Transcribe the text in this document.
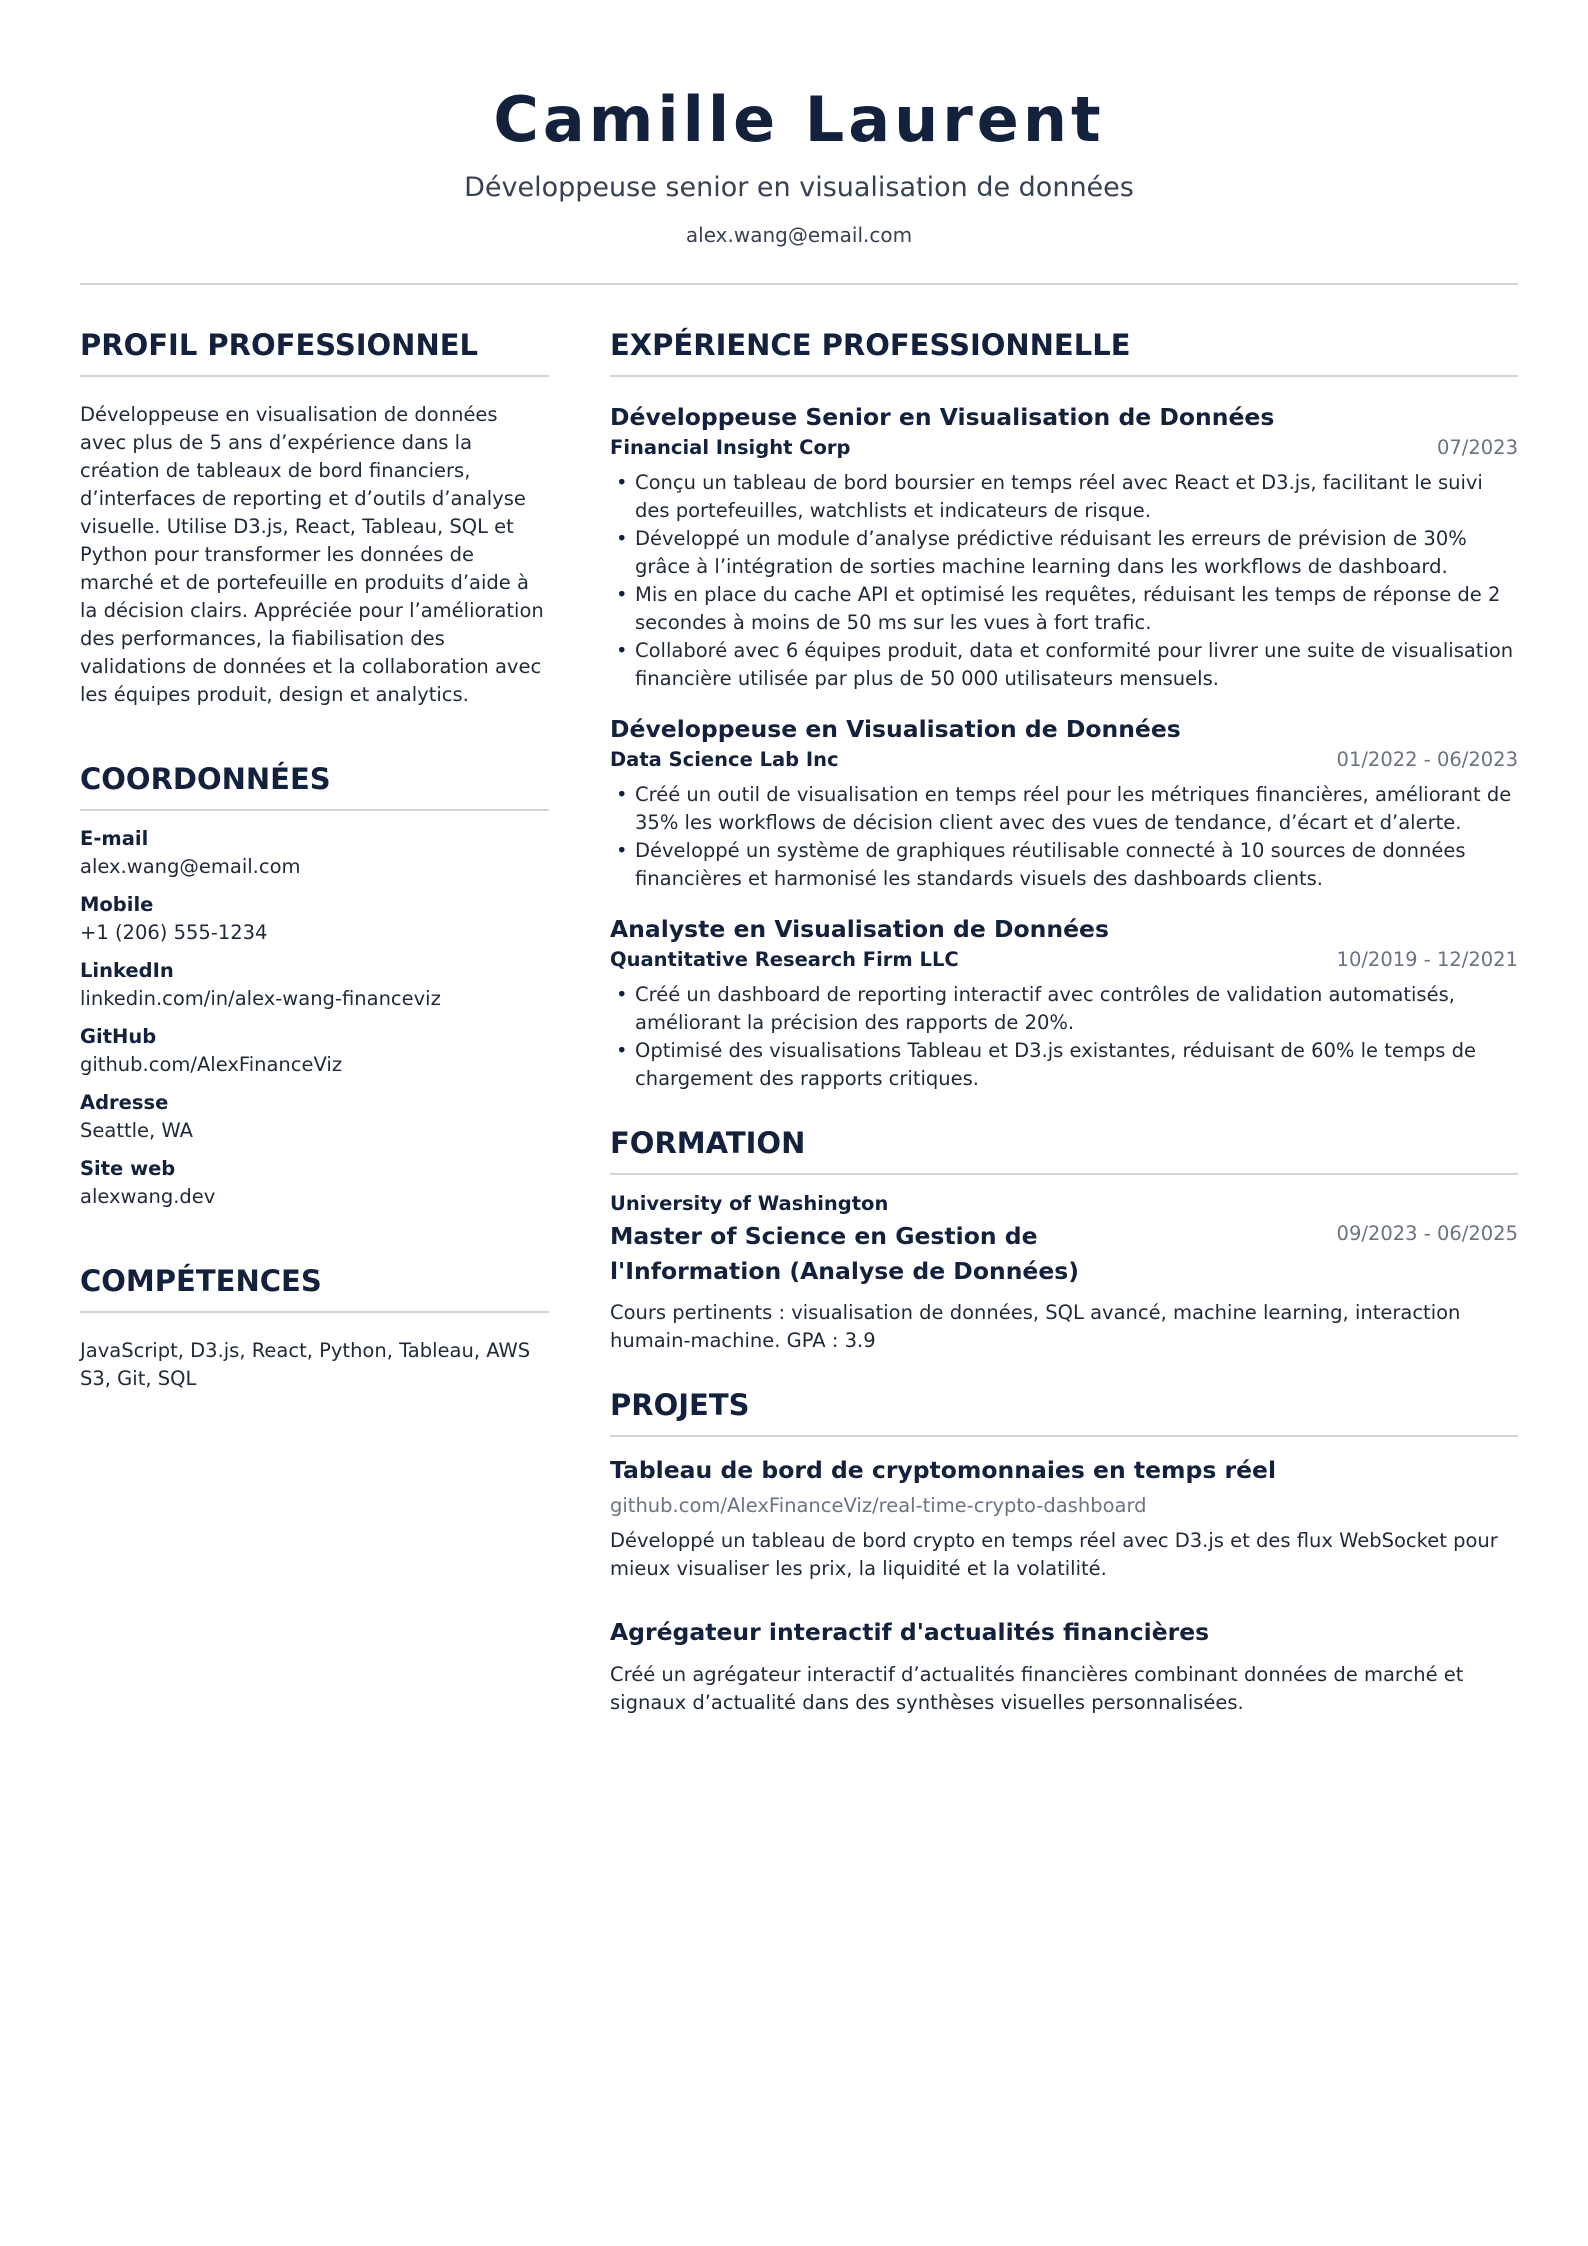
Camille Laurent
Développeuse senior en visualisation de données
alex.wang@email.com
PROFIL PROFESSIONNEL
Développeuse en visualisation de données avec plus de 5 ans d’expérience dans la création de tableaux de bord financiers, d’interfaces de reporting et d’outils d’analyse visuelle. Utilise D3.js, React, Tableau, SQL et Python pour transformer les données de marché et de portefeuille en produits d’aide à la décision clairs. Appréciée pour l’amélioration des performances, la fiabilisation des validations de données et la collaboration avec les équipes produit, design et analytics.
COORDONNÉES
E-mail
alex.wang@email.com
Mobile
+1 (206) 555-1234
LinkedIn
linkedin.com/in/alex-wang-financeviz
GitHub
github.com/AlexFinanceViz
Adresse
Seattle, WA
Site web
alexwang.dev
COMPÉTENCES
JavaScript, D3.js, React, Python, Tableau, AWS S3, Git, SQL
EXPÉRIENCE PROFESSIONNELLE
Développeuse Senior en Visualisation de Données
Financial Insight Corp	07/2023
• Conçu un tableau de bord boursier en temps réel avec React et D3.js, facilitant le suivi des portefeuilles, watchlists et indicateurs de risque.
• Développé un module d’analyse prédictive réduisant les erreurs de prévision de 30% grâce à l’intégration de sorties machine learning dans les workflows de dashboard.
• Mis en place du cache API et optimisé les requêtes, réduisant les temps de réponse de 2 secondes à moins de 50 ms sur les vues à fort trafic.
• Collaboré avec 6 équipes produit, data et conformité pour livrer une suite de visualisation financière utilisée par plus de 50 000 utilisateurs mensuels.
Développeuse en Visualisation de Données
Data Science Lab Inc	01/2022 - 06/2023
• Créé un outil de visualisation en temps réel pour les métriques financières, améliorant de 35% les workflows de décision client avec des vues de tendance, d’écart et d’alerte.
• Développé un système de graphiques réutilisable connecté à 10 sources de données financières et harmonisé les standards visuels des dashboards clients.
Analyste en Visualisation de Données
Quantitative Research Firm LLC	10/2019 - 12/2021
• Créé un dashboard de reporting interactif avec contrôles de validation automatisés, améliorant la précision des rapports de 20%.
• Optimisé des visualisations Tableau et D3.js existantes, réduisant de 60% le temps de chargement des rapports critiques.
FORMATION
University of Washington
Master of Science en Gestion de l'Information (Analyse de Données)
09/2023 - 06/2025
Cours pertinents : visualisation de données, SQL avancé, machine learning, interaction humain-machine. GPA : 3.9
PROJETS
Tableau de bord de cryptomonnaies en temps réel
github.com/AlexFinanceViz/real-time-crypto-dashboard
Développé un tableau de bord crypto en temps réel avec D3.js et des flux WebSocket pour mieux visualiser les prix, la liquidité et la volatilité.
Agrégateur interactif d'actualités financières
Créé un agrégateur interactif d’actualités financières combinant données de marché et signaux d’actualité dans des synthèses visuelles personnalisées.
